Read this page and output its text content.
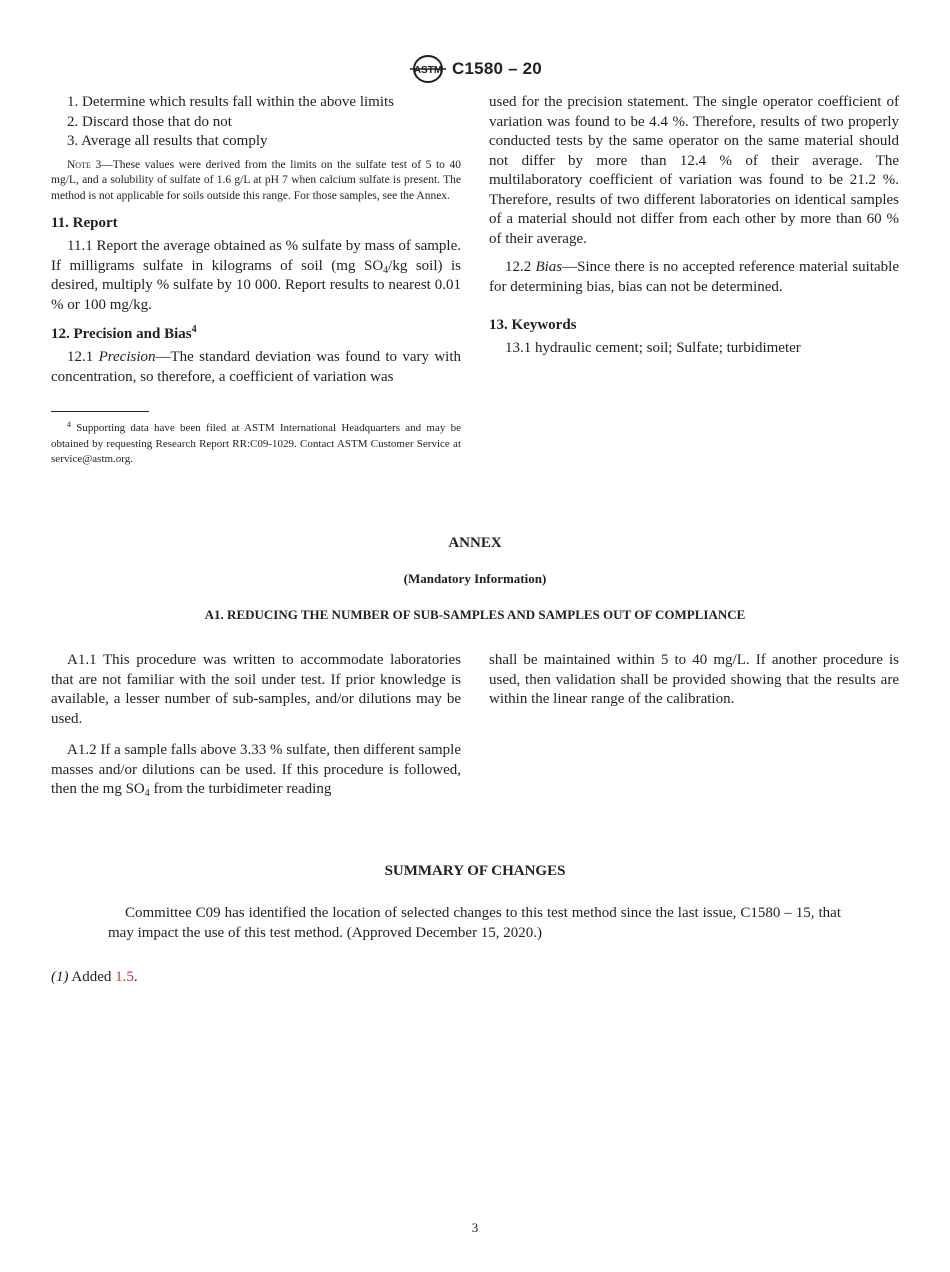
ASTM C1580 – 20
1. Determine which results fall within the above limits
2. Discard those that do not
3. Average all results that comply
Note 3—These values were derived from the limits on the sulfate test of 5 to 40 mg/L, and a solubility of sulfate of 1.6 g/L at pH 7 when calcium sulfate is present. The method is not applicable for soils outside this range. For those samples, see the Annex.
11. Report

11.1 Report the average obtained as % sulfate by mass of sample. If milligrams sulfate in kilograms of soil (mg $SO_4/kg$ soil) is desired, multiply % sulfate by 10 000. Report results to nearest 0.01 % or 100 mg/kg.

12. Precision and Bias$^4$

12.1 Precision—The standard deviation was found to vary with concentration, so therefore, a coefficient of variation was

$^4$ Supporting data have been filed at ASTM International Headquarters and may be obtained by requesting Research Report RR:C09-1029. Contact ASTM Customer Service at service@astm.org.

used for the precision statement. The single operator coefficient of variation was found to be 4.4 %. Therefore, results of two properly conducted tests by the same operator on the same material should not differ by more than 12.4 % of their average. The multilaboratory coefficient of variation was found to be 21.2 %. Therefore, results of two different laboratories on identical samples of a material should not differ from each other by more than 60 % of their average.

12.2 Bias—Since there is no accepted reference material suitable for determining bias, bias can not be determined.

13. Keywords

13.1 hydraulic cement; soil; Sulfate; turbidimeter

ANNEX
(Mandatory Information)
A1. REDUCING THE NUMBER OF SUB-SAMPLES AND SAMPLES OUT OF COMPLIANCE

A1.1 This procedure was written to accommodate laboratories that are not familiar with the soil under test. If prior knowledge is available, a lesser number of sub-samples, and/or dilutions may be used.

A1.2 If a sample falls above 3.33 % sulfate, then different sample masses and/or dilutions can be used. If this procedure is followed, then the mg $SO_4$ from the turbidimeter reading

shall be maintained within 5 to 40 mg/L. If another procedure is used, then validation shall be provided showing that the results are within the linear range of the calibration.

SUMMARY OF CHANGES

Committee C09 has identified the location of selected changes to this test method since the last issue, C1580 – 15, that may impact the use of this test method. (Approved December 15, 2020.)

(1) Added 1.5.
3
